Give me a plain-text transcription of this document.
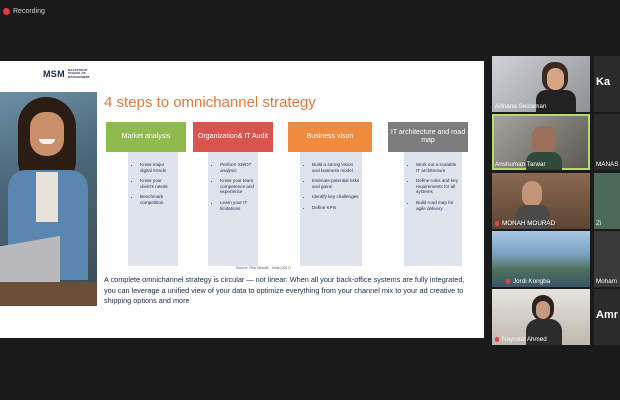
Recording
MSM MAASTRICHT
SCHOOL OF
MANAGEMENT
4 steps to omnichannel strategy
• Know major digital trends
• Know your client's needs
• Benchmark competition
Market analysis
• Perform SWOT analysis
• Know your team competence and experience
• Learn your IT limitations
Organization& IT Audit
• Build a strong vision and business model
• Estimate potential risks and gains
• Identify key challenges
• Define KPIs
Business vison
• Work out a scalable IT architecture
• Define roles and key requirements for all systems
• Build road map for agile delivery
IT architecture and road map
Source: Piotr Wrzolik , Unity (2017)
A complete omnichannel strategy is circular — not linear: When all your back-office systems are fully integrated, you can leverage a unified view of your data to optimize everything from your channel mix to your ad creative to shipping options and more
Adriana Seclaman
Anshuman Tarwar
MONAH MOURAD
Jordi Kongba
Nayrouz Ahmed
Ka
MANAS
Zi
Moham
Amr
